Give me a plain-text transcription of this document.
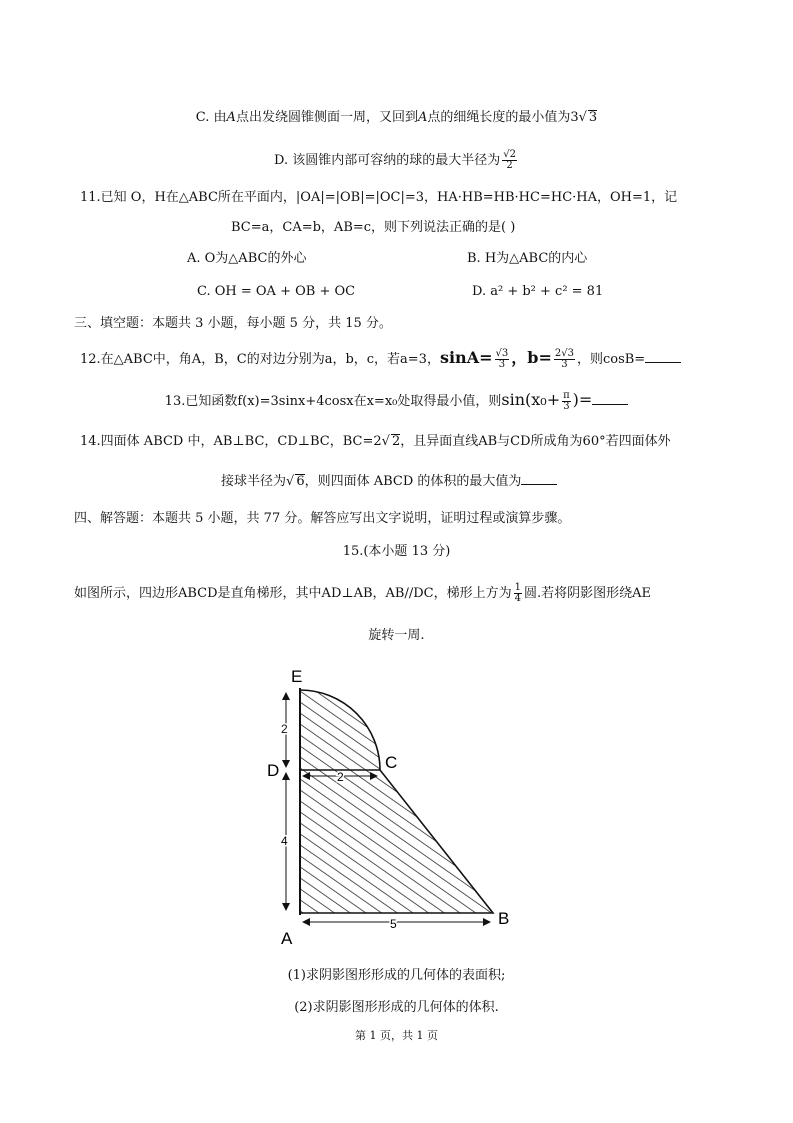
C. 由A点出发绕圆锥侧面一周，又回到A点的细绳长度的最小值为3√ 3
D. 该圆锥内部可容纳的球的最大半径为 $\frac{√2}{2}$
11.已知 O，H在△ABC所在平面内，|OA|=|OB|=|OC|=3，HA·HB=HB·HC=HC·HA，OH=1，记
BC=a，CA=b，AB=c，则下列说法正确的是( )
A. O为△ABC的外心	B. H为△ABC的内心
C. OH = OA + OB + OC	D. a² + b² + c² = 81
三、填空题：本题共 3 小题，每小题 5 分，共 15 分。
12.在△ABC中，角A，B，C的对边分别为a，b，c，若a=3，$\sin A= \frac{√3}{3}$ ，$b= \frac{2√3}{3}$ ，则cosB=
13.已知函数f(x)=3sinx+4cosx在x=x₀处取得最小值，则$\sin(x_0+ \frac{\pi}{3}$ )=
14.四面体 ABCD 中，AB⊥BC，CD⊥BC，BC=2√ 2，且异面直线AB与CD所成角为60°若四面体外
接球半径为√ 6，则四面体 ABCD 的体积的最大值为
四、解答题：本题共 5 小题，共 77 分。解答应写出文字说明，证明过程或演算步骤。
15.(本小题 13 分)
如图所示，四边形ABCD是直角梯形，其中AD⊥AB，AB//DC，梯形上方为 $\frac{1}{4}$ 圆.若将阴影图形绕AE
旋转一周.
E
D	C
A
B
2
2
4
5
(1)求阴影图形形成的几何体的表面积;
(2)求阴影图形形成的几何体的体积.
第 1 页，共 1 页
